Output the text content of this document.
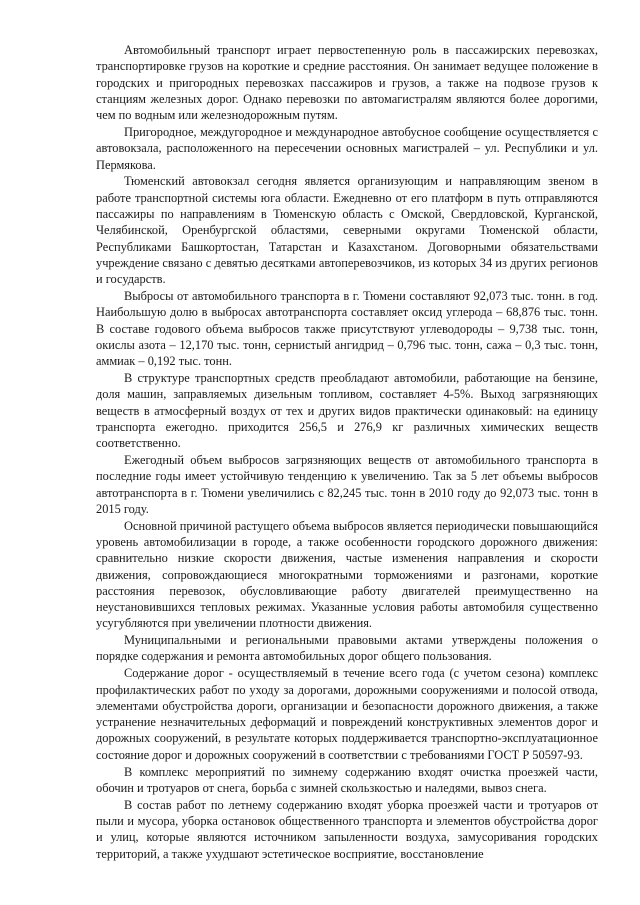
Автомобильный транспорт играет первостепенную роль в пассажирских перевозках, транспортировке грузов на короткие и средние расстояния. Он занимает ведущее положение в городских и пригородных перевозках пассажиров и грузов, а также на подвозе грузов к станциям железных дорог. Однако перевозки по автомагистралям являются более дорогими, чем по водным или железнодорожным путям.

Пригородное, междугородное и международное автобусное сообщение осуществляется с автовокзала, расположенного на пересечении основных магистралей – ул. Республики и ул. Пермякова.

Тюменский автовокзал сегодня является организующим и направляющим звеном в работе транспортной системы юга области. Ежедневно от его платформ в путь отправляются пассажиры по направлениям в Тюменскую область с Омской, Свердловской, Курганской, Челябинской, Оренбургской областями, северными округами Тюменской области, Республиками Башкортостан, Татарстан и Казахстаном. Договорными обязательствами учреждение связано с девятью десятками автоперевозчиков, из которых 34 из других регионов и государств.

Выбросы от автомобильного транспорта в г. Тюмени составляют 92,073 тыс. тонн. в год. Наибольшую долю в выбросах автотранспорта составляет оксид углерода – 68,876 тыс. тонн. В составе годового объема выбросов также присутствуют углеводороды – 9,738 тыс. тонн, окислы азота – 12,170 тыс. тонн, сернистый ангидрид – 0,796 тыс. тонн, сажа – 0,3 тыс. тонн, аммиак – 0,192 тыс. тонн.

В структуре транспортных средств преобладают автомобили, работающие на бензине, доля машин, заправляемых дизельным топливом, составляет 4-5%. Выход загрязняющих веществ в атмосферный воздух от тех и других видов практически одинаковый: на единицу транспорта ежегодно. приходится 256,5 и 276,9 кг различных химических веществ соответственно.

Ежегодный объем выбросов загрязняющих веществ от автомобильного транспорта в последние годы имеет устойчивую тенденцию к увеличению. Так за 5 лет объемы выбросов автотранспорта в г. Тюмени увеличились с 82,245 тыс. тонн в 2010 году до 92,073 тыс. тонн в 2015 году.

Основной причиной растущего объема выбросов является периодически повышающийся уровень автомобилизации в городе, а также особенности городского дорожного движения: сравнительно низкие скорости движения, частые изменения направления и скорости движения, сопровождающиеся многократными торможениями и разгонами, короткие расстояния перевозок, обусловливающие работу двигателей преимущественно на неустановившихся тепловых режимах. Указанные условия работы автомобиля существенно усугубляются при увеличении плотности движения.

Муниципальными и региональными правовыми актами утверждены положения о порядке содержания и ремонта автомобильных дорог общего пользования.

Содержание дорог - осуществляемый в течение всего года (с учетом сезона) комплекс профилактических работ по уходу за дорогами, дорожными сооружениями и полосой отвода, элементами обустройства дороги, организации и безопасности дорожного движения, а также устранение незначительных деформаций и повреждений конструктивных элементов дорог и дорожных сооружений, в результате которых поддерживается транспортно-эксплуатационное состояние дорог и дорожных сооружений в соответствии с требованиями ГОСТ Р 50597-93.

В комплекс мероприятий по зимнему содержанию входят очистка проезжей части, обочин и тротуаров от снега, борьба с зимней скользкостью и наледями, вывоз снега.

В состав работ по летнему содержанию входят уборка проезжей части и тротуаров от пыли и мусора, уборка остановок общественного транспорта и элементов обустройства дорог и улиц, которые являются источником запыленности воздуха, замусоривания городских территорий, а также ухудшают эстетическое восприятие, восстановление
